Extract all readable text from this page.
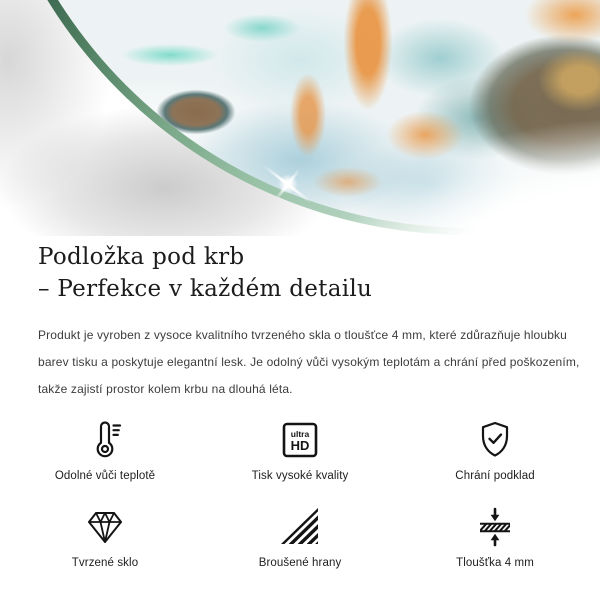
Podložka pod krb
– Perfekce v každém detailu
Produkt je vyroben z vysoce kvalitního tvrzeného skla o tloušťce 4 mm, které zdůrazňuje hloubku
barev tisku a poskytuje elegantní lesk. Je odolný vůči vysokým teplotám a chrání před poškozením,
takže zajistí prostor kolem krbu na dlouhá léta.
Odolné vůči teplotě
ultra
HD
Tisk vysoké kvality	Chrání podklad
Tvrzené sklo	Broušené hrany	Tloušťka 4 mm
